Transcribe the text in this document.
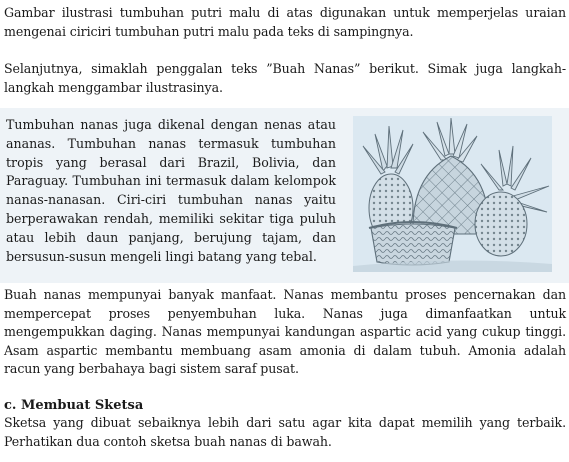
Gambar ilustrasi tumbuhan putri malu di atas digunakan untuk memperjelas uraian mengenai ciriciri tumbuhan putri malu pada teks di sampingnya.

Selanjutnya, simaklah penggalan teks ”Buah Nanas” berikut. Simak juga langkah-langkah menggambar ilustrasinya.

Tumbuhan nanas juga dikenal dengan nenas atau ananas. Tumbuhan nanas termasuk tumbuhan tropis yang berasal dari Brazil, Bolivia, dan Paraguay. Tumbuhan ini termasuk dalam kelompok nanas-nanasan. Ciri-ciri tumbuhan nanas yaitu berperawakan rendah, memiliki sekitar tiga puluh atau lebih daun panjang, berujung tajam, dan bersusun-susun mengeli lingi batang yang tebal.

Buah nanas mempunyai banyak manfaat. Nanas membantu proses pencernakan dan mempercepat proses penyembuhan luka. Nanas juga dimanfaatkan untuk mengempukkan daging. Nanas mempunyai kandungan aspartic acid yang cukup tinggi. Asam aspartic membantu membuang asam amonia di dalam tubuh. Amonia adalah racun yang berbahaya bagi sistem saraf pusat.

c. Membuat Sketsa

Sketsa yang dibuat sebaiknya lebih dari satu agar kita dapat memilih yang terbaik. Perhatikan dua contoh sketsa buah nanas di bawah.
